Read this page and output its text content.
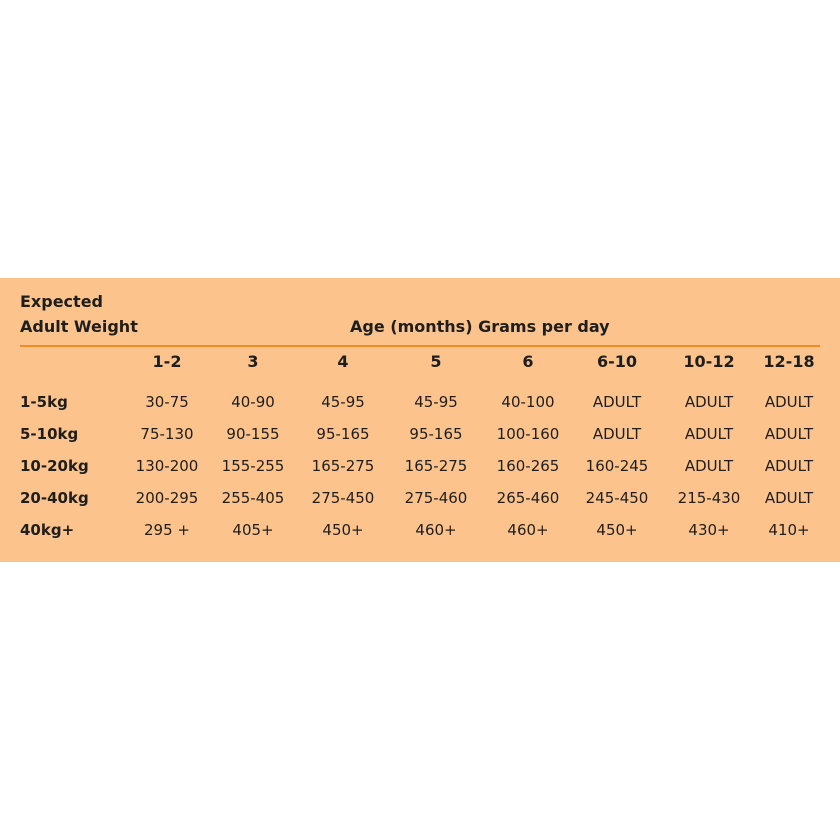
Expected
Adult Weight	Age (months) Grams per day
1-2	3	4	5	6	6-10	10-12 12-18
1-5kg	30-75	40-90	45-95	45-95	40-100	ADULT	ADULT ADULT
5-10kg	75-130 90-155 95-165	95-165 100-160 ADULT	ADULT ADULT
10-20kg	130-200 155-255 165-275 165-275 160-265 160-245 ADULT ADULT
20-40kg	200-295 255-405 275-450 275-460 265-460 245-450 215-430 ADULT
40kg+	295 +	405+	450+	460+	460+	450+	430+	410+
